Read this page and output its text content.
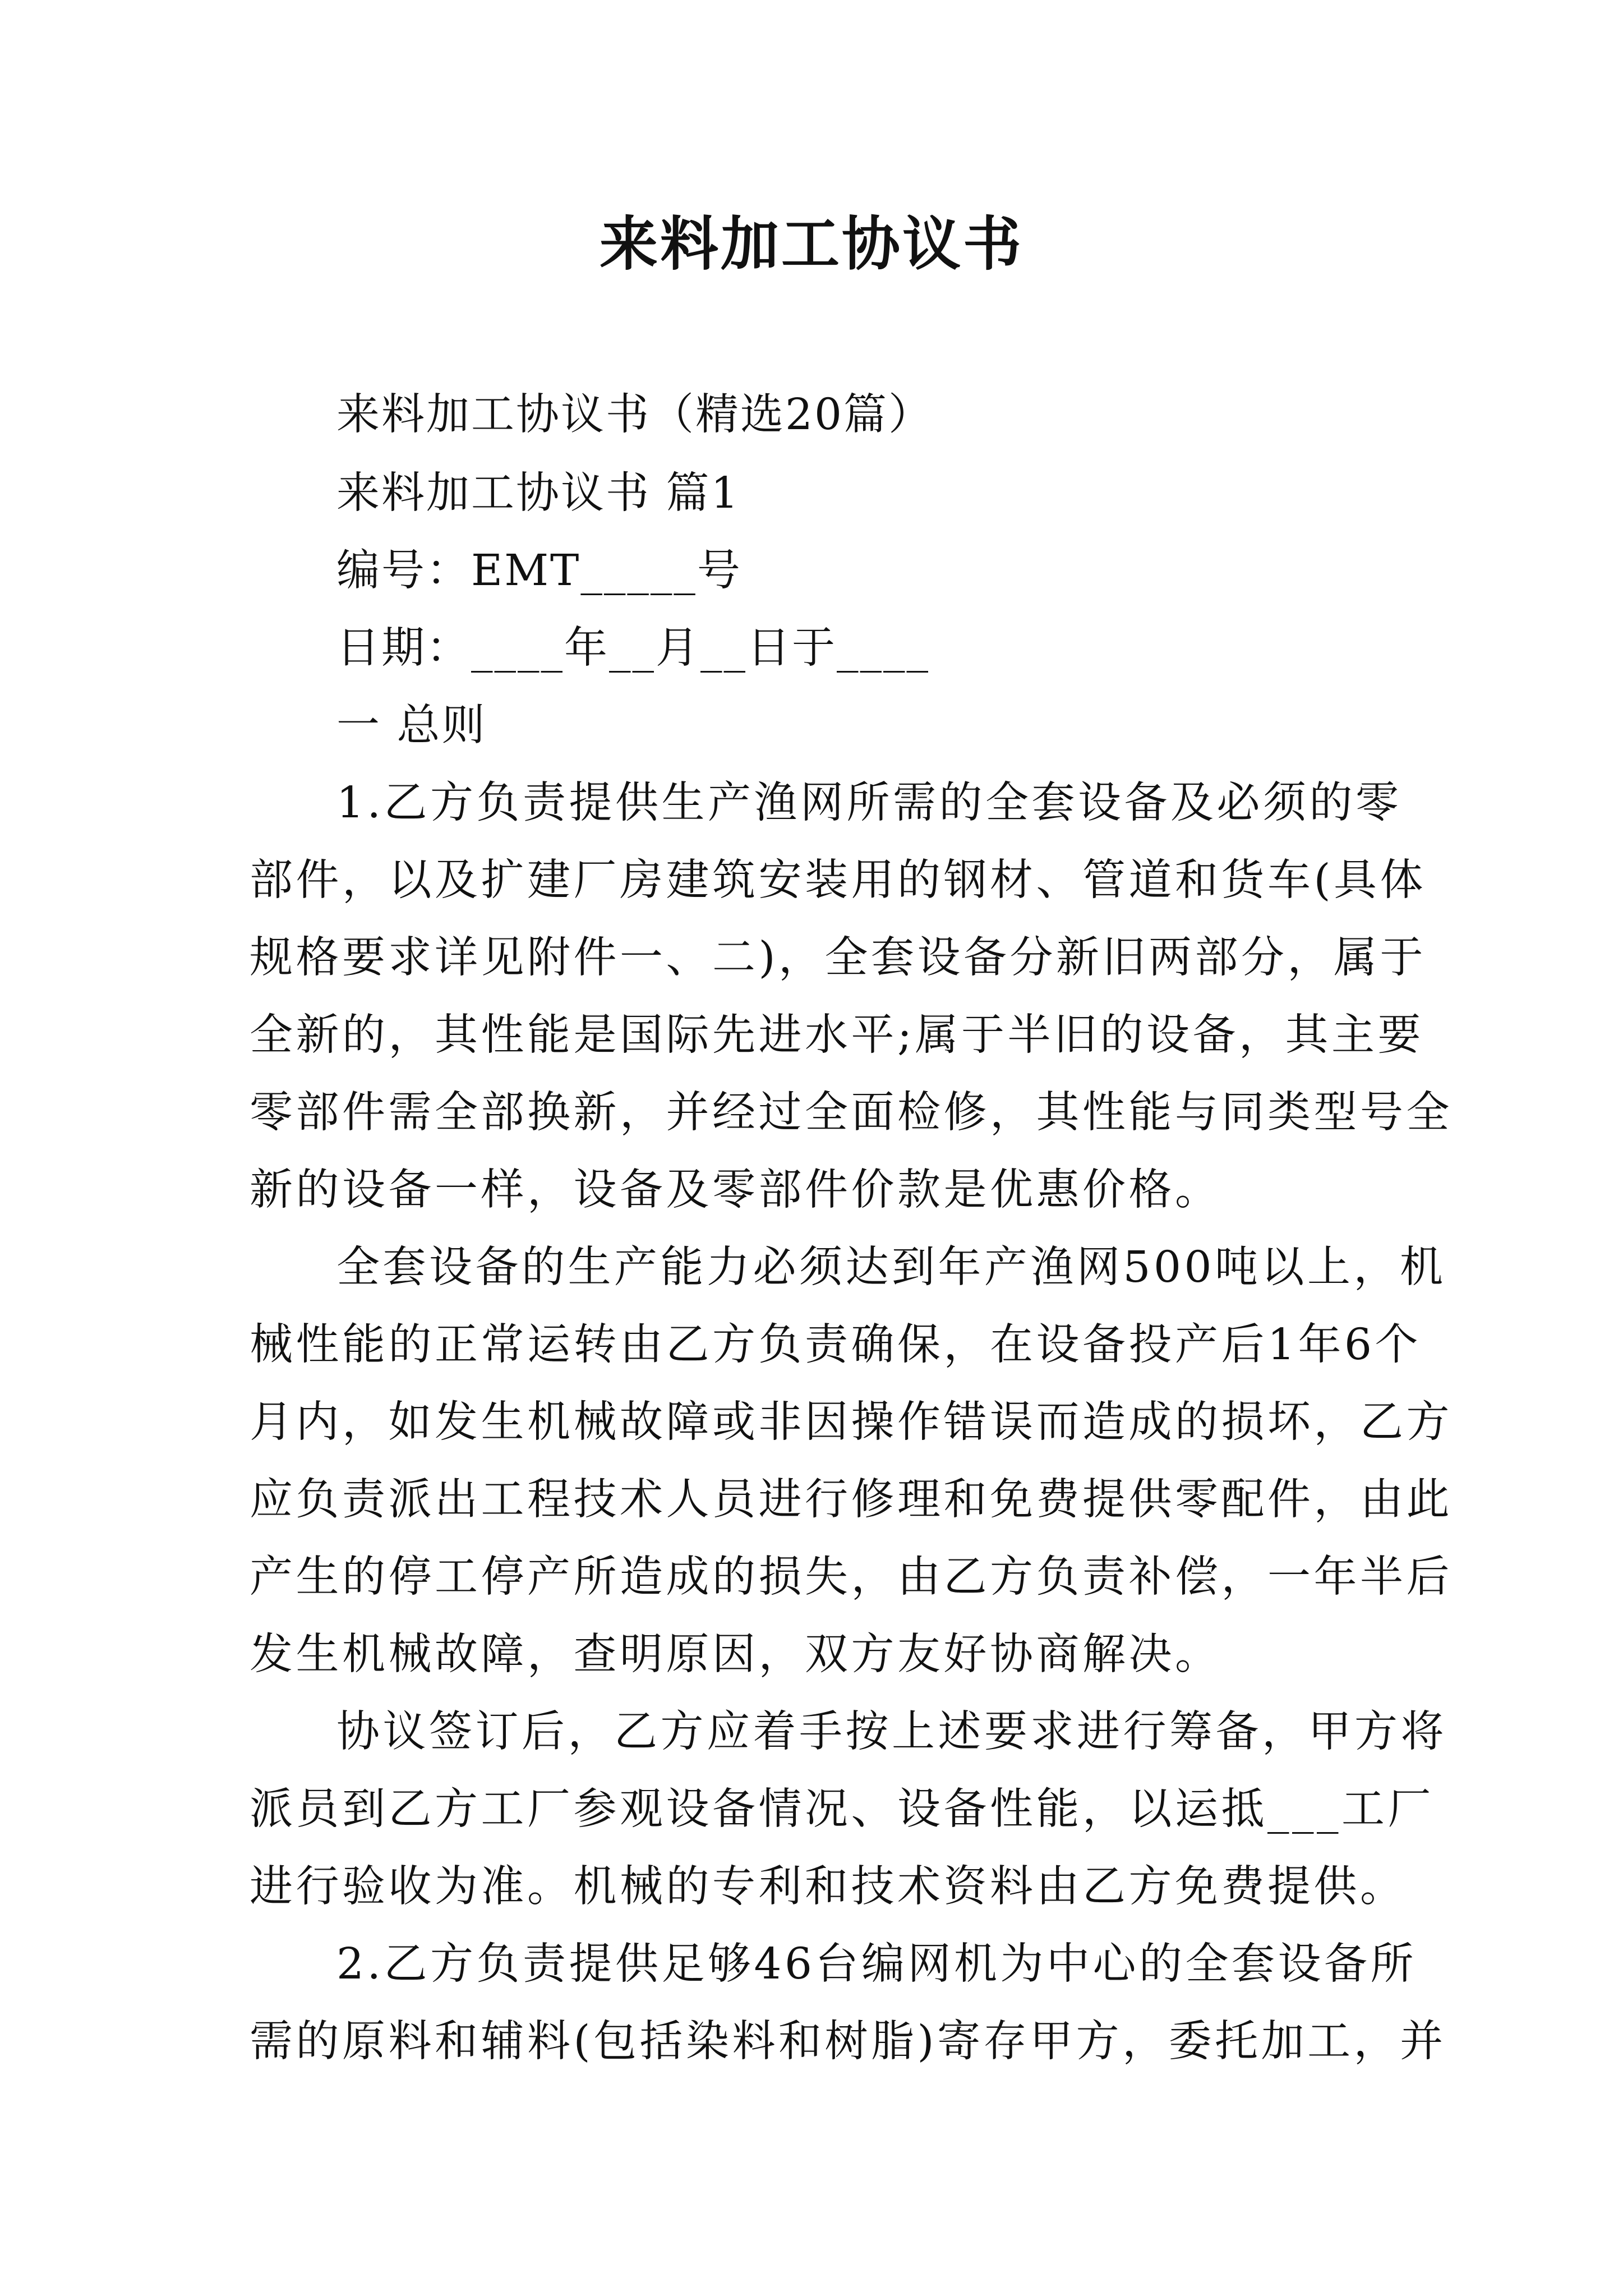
来料加工协议书
来料加工协议书（精选20篇）
来料加工协议书 篇1
编号：EMT_____号
日期：____年__月__日于____
一 总则
1.乙方负责提供生产渔网所需的全套设备及必须的零
部件，以及扩建厂房建筑安装用的钢材、管道和货车(具体
规格要求详见附件一、二)，全套设备分新旧两部分，属于
全新的，其性能是国际先进水平;属于半旧的设备，其主要
零部件需全部换新，并经过全面检修，其性能与同类型号全
新的设备一样，设备及零部件价款是优惠价格。
全套设备的生产能力必须达到年产渔网500吨以上，机
械性能的正常运转由乙方负责确保，在设备投产后1年6个
月内，如发生机械故障或非因操作错误而造成的损坏，乙方
应负责派出工程技术人员进行修理和免费提供零配件，由此
产生的停工停产所造成的损失，由乙方负责补偿，一年半后
发生机械故障，查明原因，双方友好协商解决。
协议签订后，乙方应着手按上述要求进行筹备，甲方将
派员到乙方工厂参观设备情况、设备性能，以运抵___工厂
进行验收为准。机械的专利和技术资料由乙方免费提供。
2.乙方负责提供足够46台编网机为中心的全套设备所
需的原料和辅料(包括染料和树脂)寄存甲方，委托加工，并
